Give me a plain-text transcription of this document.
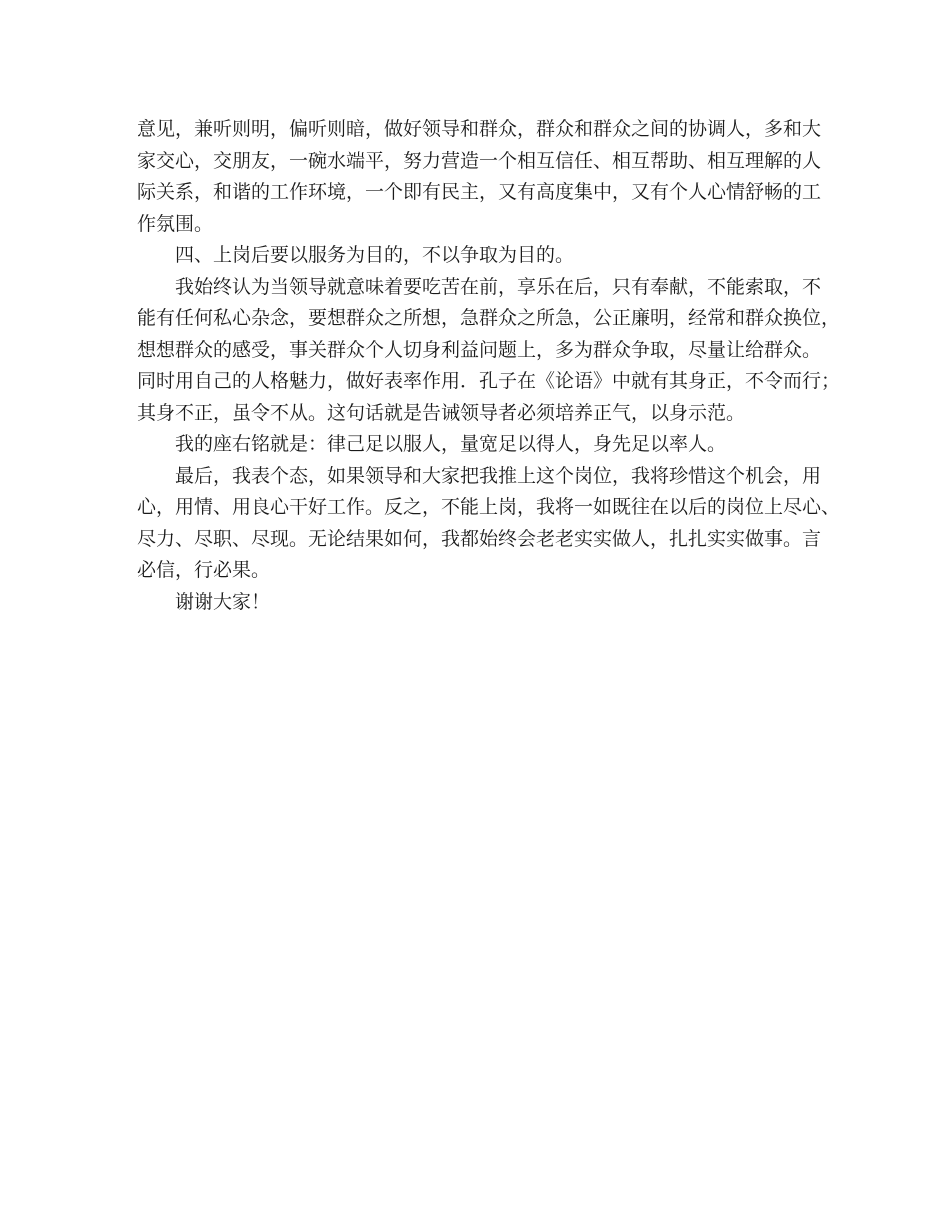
意见，兼听则明，偏听则暗，做好领导和群众，群众和群众之间的协调人，多和大
家交心，交朋友，一碗水端平，努力营造一个相互信任、相互帮助、相互理解的人
际关系，和谐的工作环境，一个即有民主，又有高度集中，又有个人心情舒畅的工
作氛围。
四、上岗后要以服务为目的，不以争取为目的。
我始终认为当领导就意味着要吃苦在前，享乐在后，只有奉献，不能索取，不
能有任何私心杂念，要想群众之所想，急群众之所急，公正廉明，经常和群众换位，
想想群众的感受，事关群众个人切身利益问题上，多为群众争取，尽量让给群众。
同时用自己的人格魅力，做好表率作用．孔子在《论语》中就有其身正，不令而行；
其身不正，虽令不从。这句话就是告诫领导者必须培养正气，以身示范。
我的座右铭就是：律己足以服人，量宽足以得人，身先足以率人。
最后，我表个态，如果领导和大家把我推上这个岗位，我将珍惜这个机会，用
心，用情、用良心干好工作。反之，不能上岗，我将一如既往在以后的岗位上尽心、
尽力、尽职、尽现。无论结果如何，我都始终会老老实实做人，扎扎实实做事。言
必信，行必果。
谢谢大家！
